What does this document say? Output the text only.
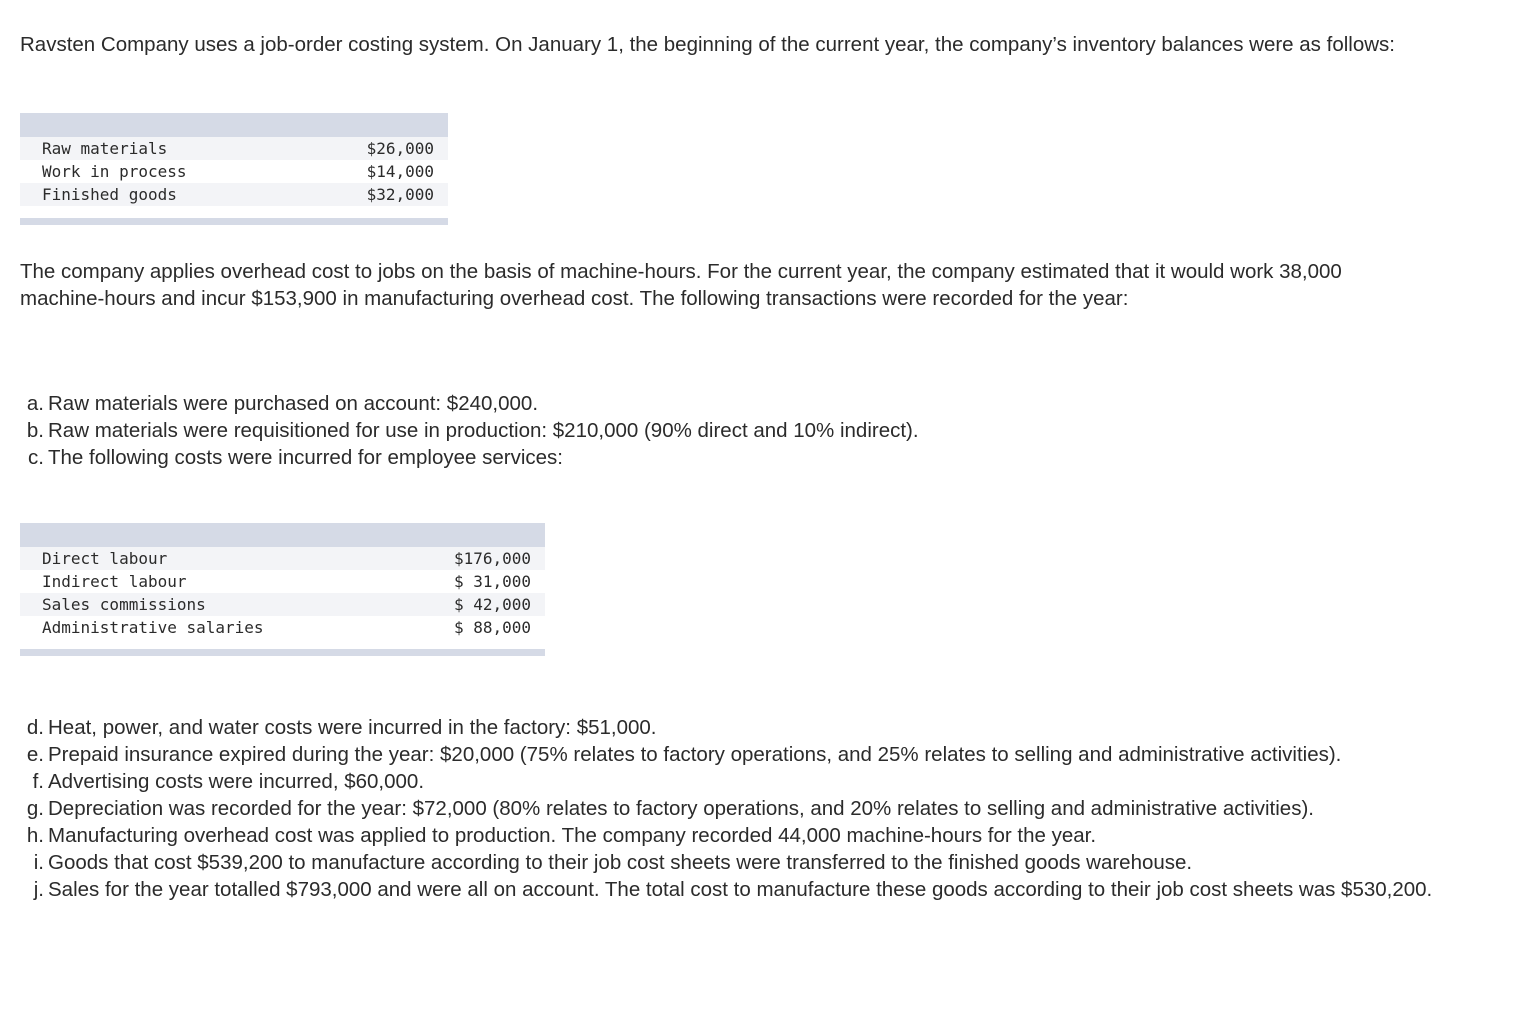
Ravsten Company uses a job-order costing system. On January 1, the beginning of the current year, the company’s inventory balances were as follows:

Raw materials	$26,000
Work in process	$14,000
Finished goods	$32,000

The company applies overhead cost to jobs on the basis of machine-hours. For the current year, the company estimated that it would work 38,000 machine-hours and incur $153,900 in manufacturing overhead cost. The following transactions were recorded for the year:

a. Raw materials were purchased on account: $240,000.
b. Raw materials were requisitioned for use in production: $210,000 (90% direct and 10% indirect).
c. The following costs were incurred for employee services:
Direct labour	$176,000
Indirect labour	$ 31,000
Sales commissions	$ 42,000
Administrative salaries	$ 88,000
d. Heat, power, and water costs were incurred in the factory: $51,000.
e. Prepaid insurance expired during the year: $20,000 (75% relates to factory operations, and 25% relates to selling and administrative activities).
f. Advertising costs were incurred, $60,000.
g. Depreciation was recorded for the year: $72,000 (80% relates to factory operations, and 20% relates to selling and administrative activities).
h. Manufacturing overhead cost was applied to production. The company recorded 44,000 machine-hours for the year.
i. Goods that cost $539,200 to manufacture according to their job cost sheets were transferred to the finished goods warehouse.
j. Sales for the year totalled $793,000 and were all on account. The total cost to manufacture these goods according to their job cost sheets was $530,200.
